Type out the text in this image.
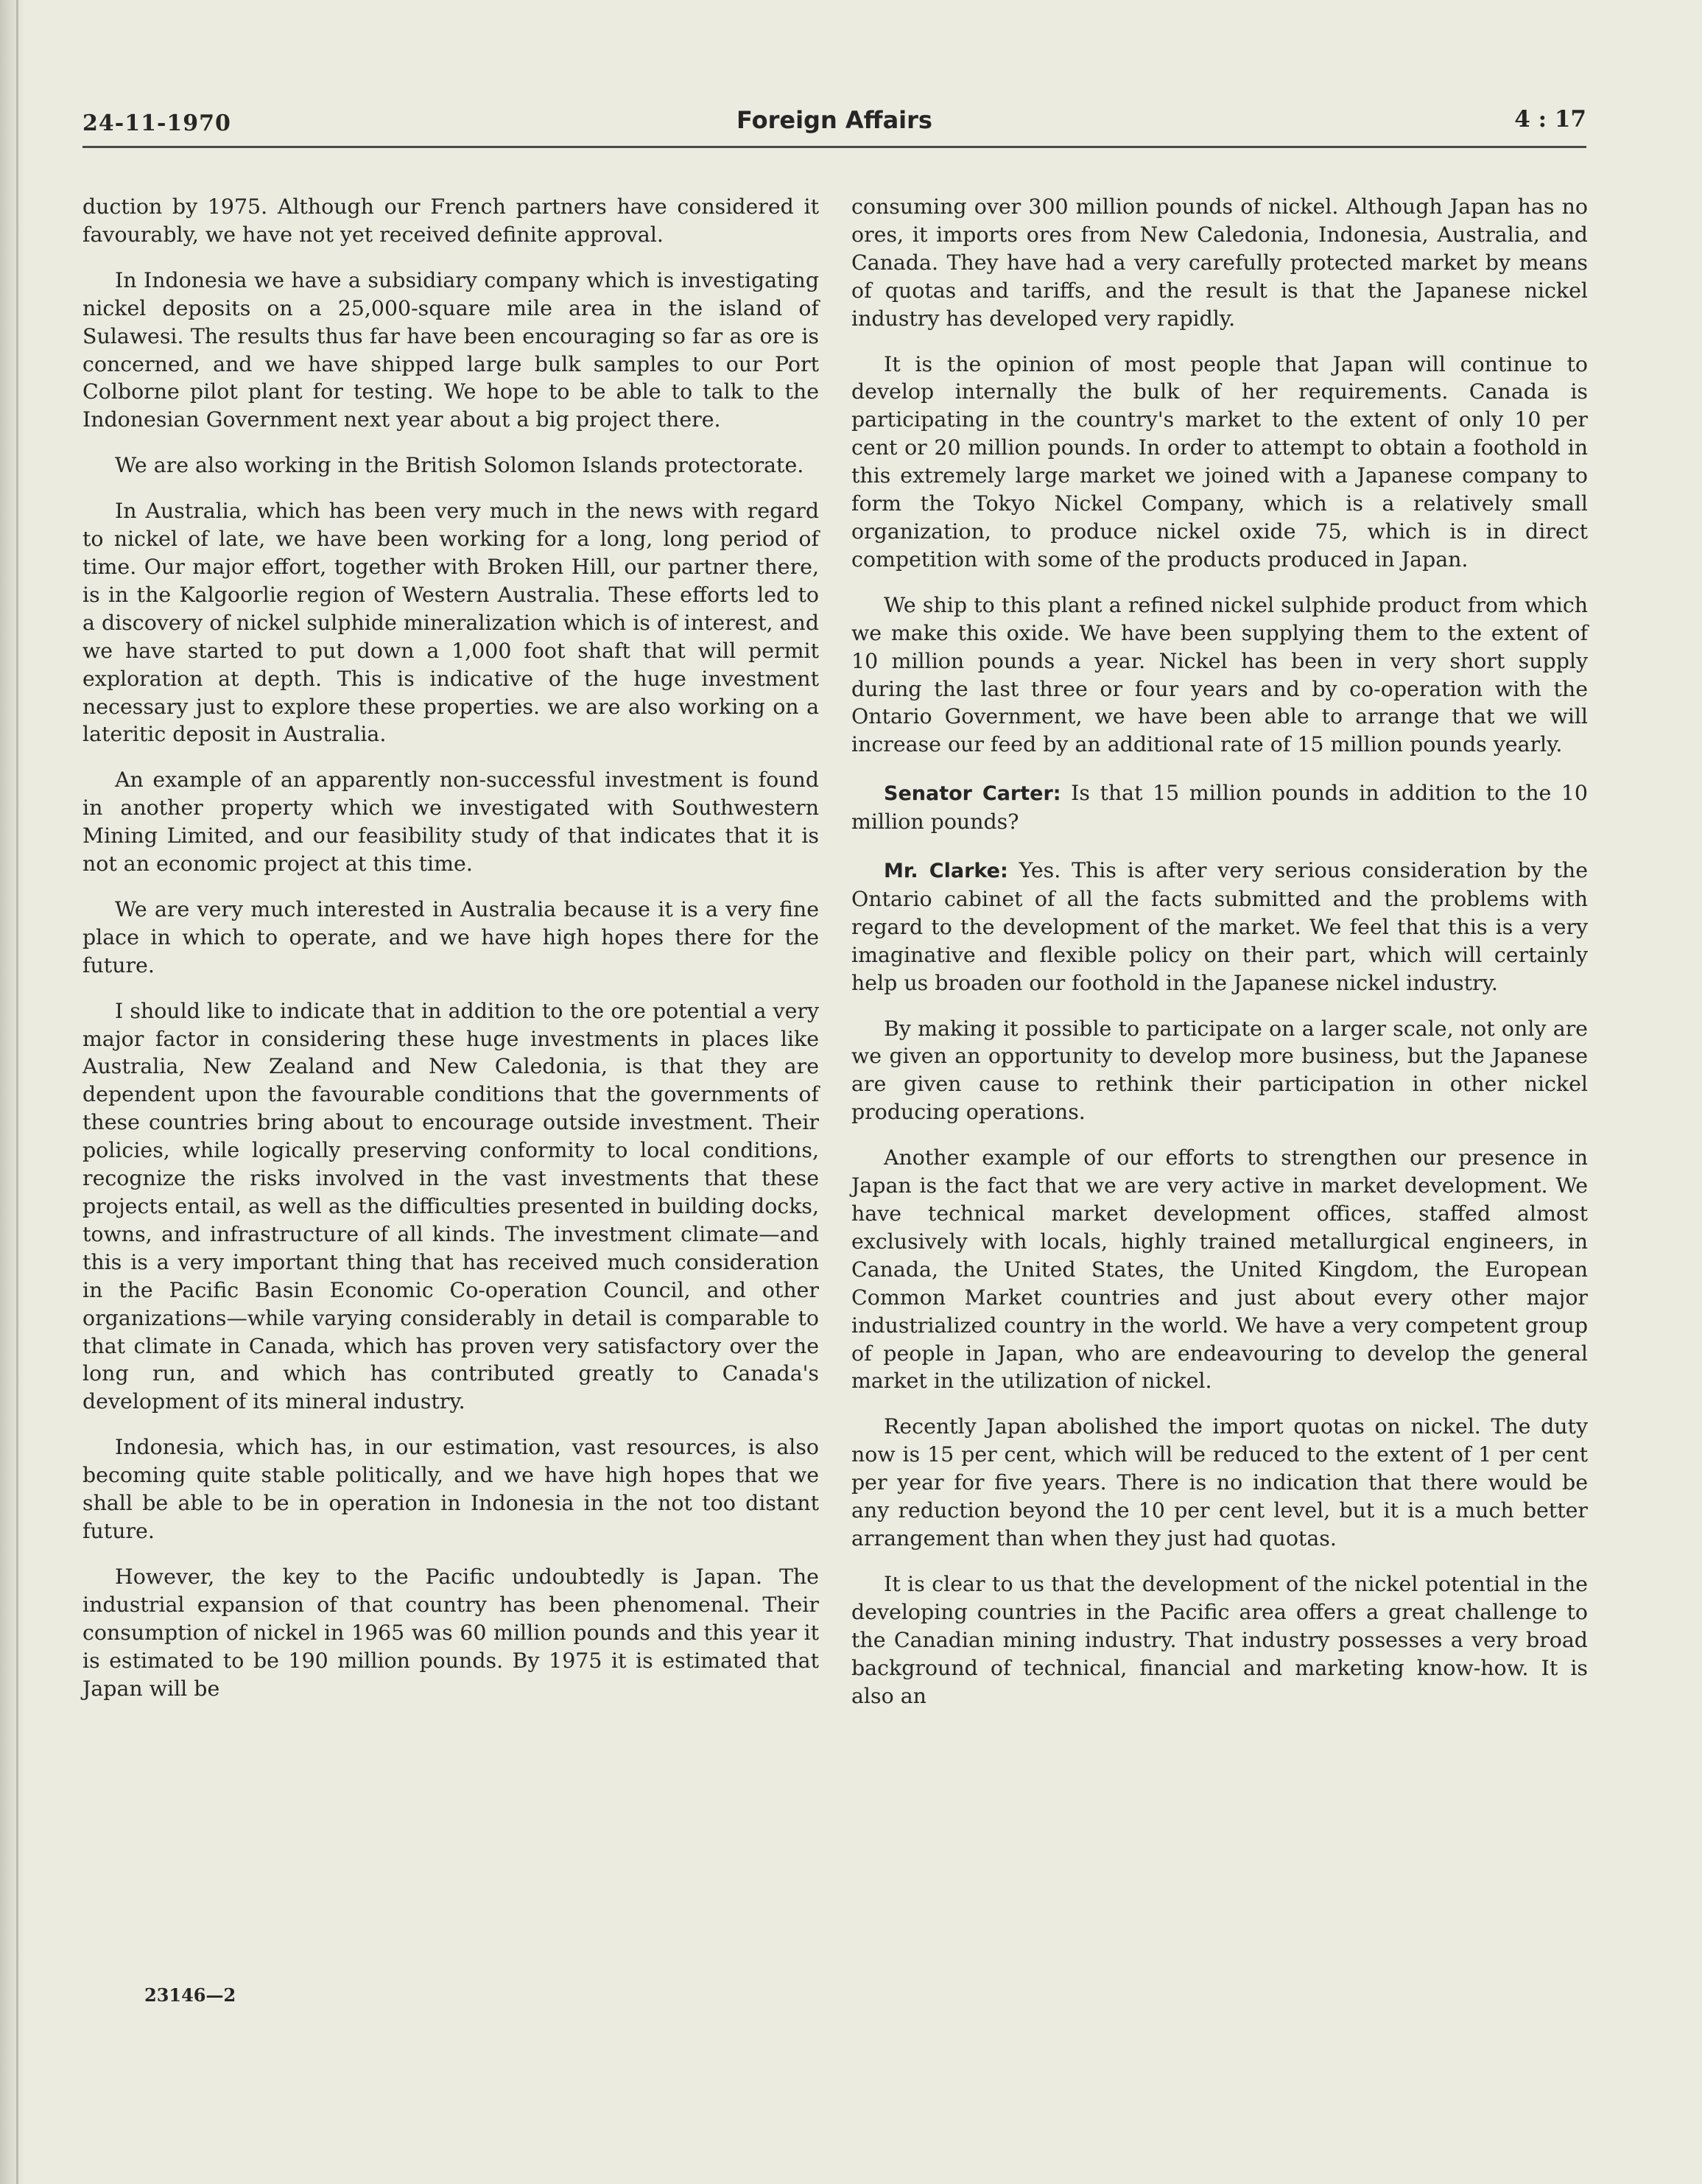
24-11-1970	Foreign Affairs	4 : 17

duction by 1975. Although our French partners have considered it favourably, we have not yet received definite approval.

In Indonesia we have a subsidiary company which is investigating nickel deposits on a 25,000-square mile area in the island of Sulawesi. The results thus far have been encouraging so far as ore is concerned, and we have shipped large bulk samples to our Port Colborne pilot plant for testing. We hope to be able to talk to the Indonesian Government next year about a big project there.

We are also working in the British Solomon Islands protectorate.

In Australia, which has been very much in the news with regard to nickel of late, we have been working for a long, long period of time. Our major effort, together with Broken Hill, our partner there, is in the Kalgoorlie region of Western Australia. These efforts led to a discovery of nickel sulphide mineralization which is of interest, and we have started to put down a 1,000 foot shaft that will permit exploration at depth. This is indicative of the huge investment necessary just to explore these properties. we are also working on a lateritic deposit in Australia.

An example of an apparently non-successful investment is found in another property which we investigated with Southwestern Mining Limited, and our feasibility study of that indicates that it is not an economic project at this time.

We are very much interested in Australia because it is a very fine place in which to operate, and we have high hopes there for the future.

I should like to indicate that in addition to the ore potential a very major factor in considering these huge investments in places like Australia, New Zealand and New Caledonia, is that they are dependent upon the favourable conditions that the governments of these countries bring about to encourage outside investment. Their policies, while logically preserving conformity to local conditions, recognize the risks involved in the vast investments that these projects entail, as well as the difficulties presented in building docks, towns, and infrastructure of all kinds. The investment climate—and this is a very important thing that has received much consideration in the Pacific Basin Economic Co-operation Council, and other organizations—while varying considerably in detail is comparable to that climate in Canada, which has proven very satisfactory over the long run, and which has contributed greatly to Canada's development of its mineral industry.

Indonesia, which has, in our estimation, vast resources, is also becoming quite stable politically, and we have high hopes that we shall be able to be in operation in Indonesia in the not too distant future.

However, the key to the Pacific undoubtedly is Japan. The industrial expansion of that country has been phenomenal. Their consumption of nickel in 1965 was 60 million pounds and this year it is estimated to be 190 million pounds. By 1975 it is estimated that Japan will be

consuming over 300 million pounds of nickel. Although Japan has no ores, it imports ores from New Caledonia, Indonesia, Australia, and Canada. They have had a very carefully protected market by means of quotas and tariffs, and the result is that the Japanese nickel industry has developed very rapidly.

It is the opinion of most people that Japan will continue to develop internally the bulk of her requirements. Canada is participating in the country's market to the extent of only 10 per cent or 20 million pounds. In order to attempt to obtain a foothold in this extremely large market we joined with a Japanese company to form the Tokyo Nickel Company, which is a relatively small organization, to produce nickel oxide 75, which is in direct competition with some of the products produced in Japan.

We ship to this plant a refined nickel sulphide product from which we make this oxide. We have been supplying them to the extent of 10 million pounds a year. Nickel has been in very short supply during the last three or four years and by co-operation with the Ontario Government, we have been able to arrange that we will increase our feed by an additional rate of 15 million pounds yearly.

Senator Carter: Is that 15 million pounds in addition to the 10 million pounds?

Mr. Clarke: Yes. This is after very serious consideration by the Ontario cabinet of all the facts submitted and the problems with regard to the development of the market. We feel that this is a very imaginative and flexible policy on their part, which will certainly help us broaden our foothold in the Japanese nickel industry.

By making it possible to participate on a larger scale, not only are we given an opportunity to develop more business, but the Japanese are given cause to rethink their participation in other nickel producing operations.

Another example of our efforts to strengthen our presence in Japan is the fact that we are very active in market development. We have technical market development offices, staffed almost exclusively with locals, highly trained metallurgical engineers, in Canada, the United States, the United Kingdom, the European Common Market countries and just about every other major industrialized country in the world. We have a very competent group of people in Japan, who are endeavouring to develop the general market in the utilization of nickel.

Recently Japan abolished the import quotas on nickel. The duty now is 15 per cent, which will be reduced to the extent of 1 per cent per year for five years. There is no indication that there would be any reduction beyond the 10 per cent level, but it is a much better arrangement than when they just had quotas.

It is clear to us that the development of the nickel potential in the developing countries in the Pacific area offers a great challenge to the Canadian mining industry. That industry possesses a very broad background of technical, financial and marketing know-how. It is also an

23146—2
